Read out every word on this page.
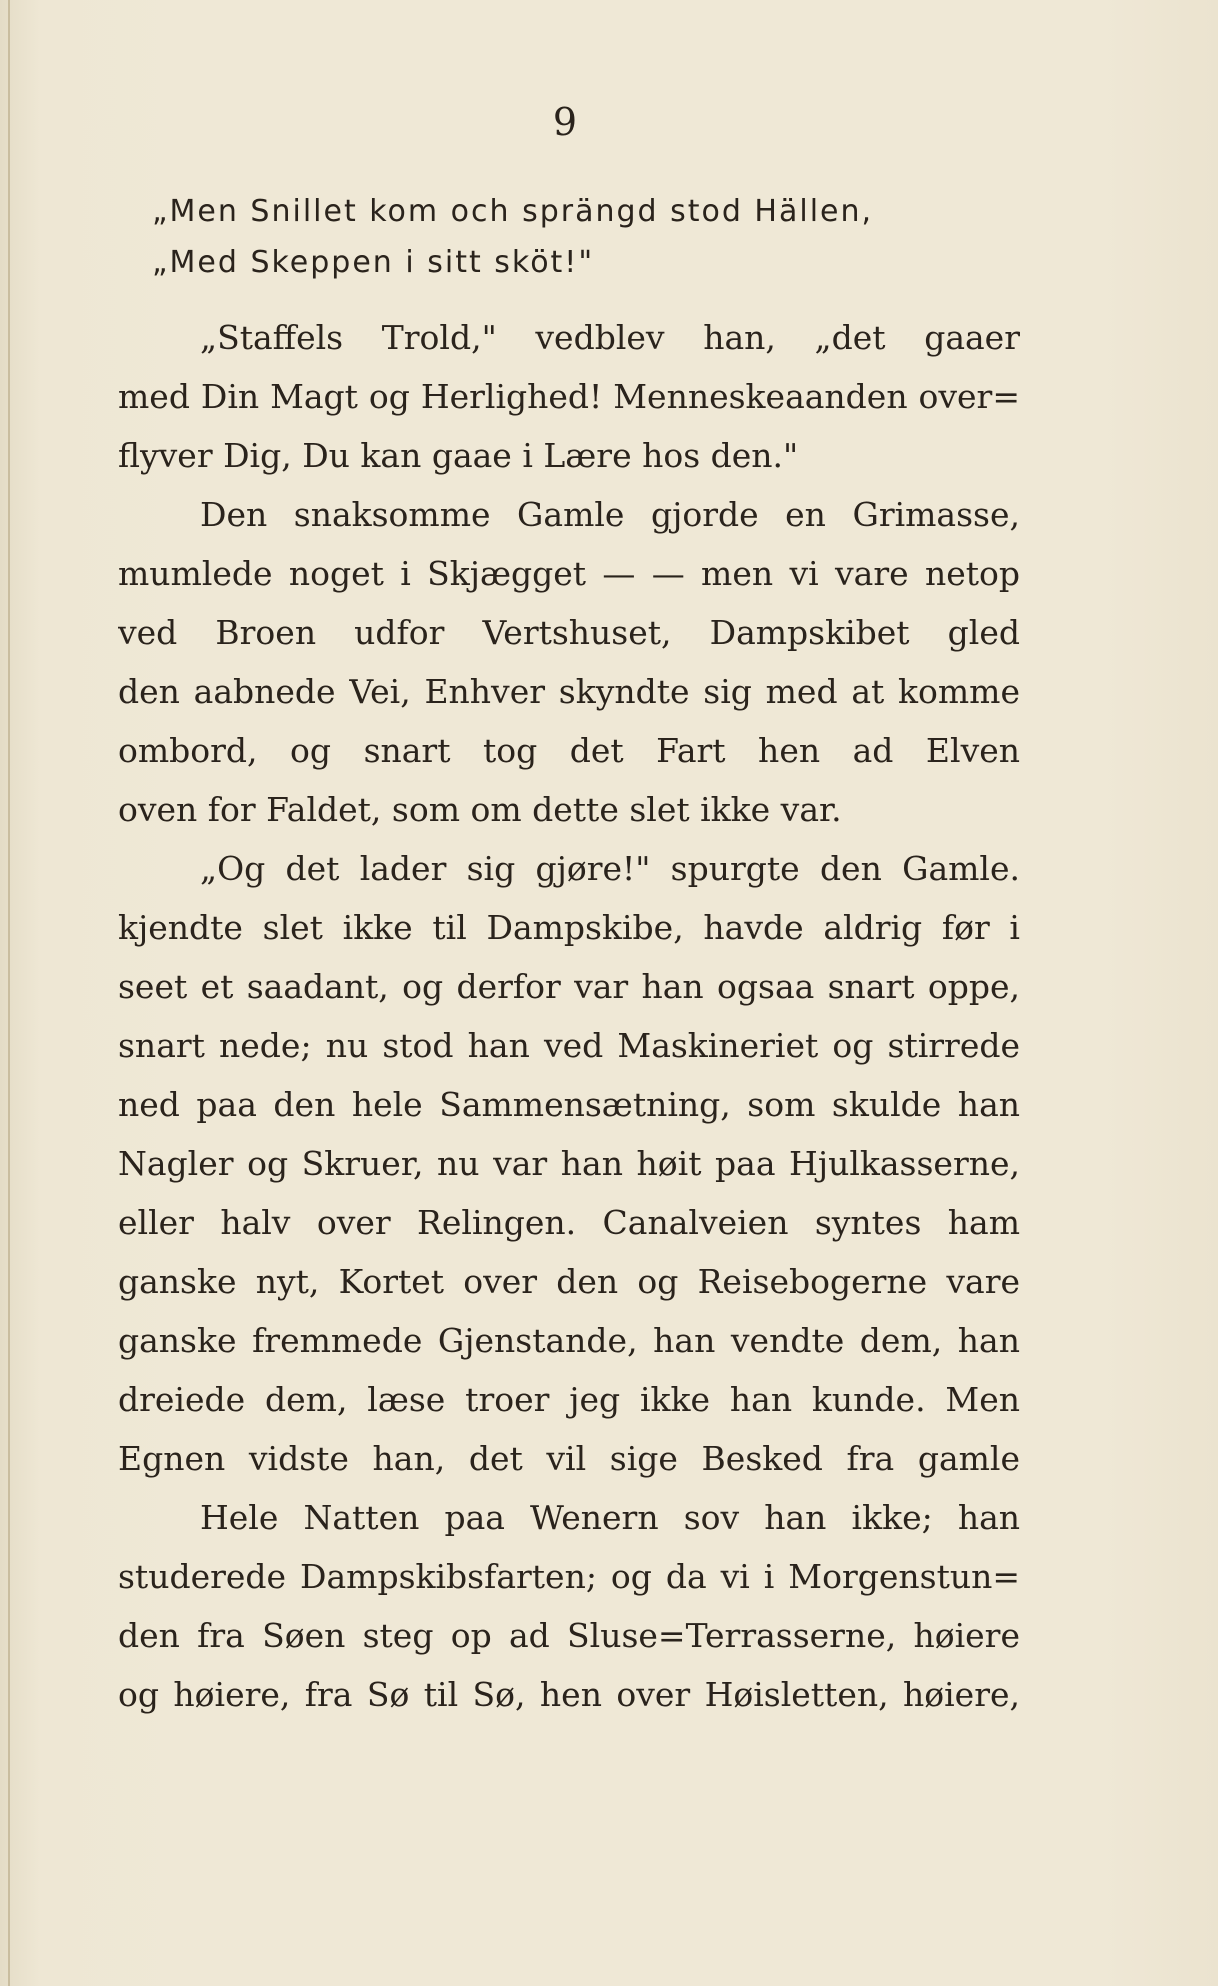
9
„Men Snillet kom och sprängd stod Hällen,
„Med Skeppen i sitt sköt!"
„Staffels Trold," vedblev han, „det gaaer
med Din Magt og Herlighed! Menneskeaanden over=
flyver Dig, Du kan gaae i Lære hos den."
Den snaksomme Gamle gjorde en Grimasse,
mumlede noget i Skjægget — — men vi vare netop
ved Broen udfor Vertshuset, Dampskibet gled
den aabnede Vei, Enhver skyndte sig med at komme
ombord, og snart tog det Fart hen ad Elven
oven for Faldet, som om dette slet ikke var.
„Og det lader sig gjøre!" spurgte den Gamle.
kjendte slet ikke til Dampskibe, havde aldrig før i
seet et saadant, og derfor var han ogsaa snart oppe,
snart nede; nu stod han ved Maskineriet og stirrede
ned paa den hele Sammensætning, som skulde han
Nagler og Skruer, nu var han høit paa Hjulkasserne,
eller halv over Relingen. Canalveien syntes ham
ganske nyt, Kortet over den og Reisebogerne vare
ganske fremmede Gjenstande, han vendte dem, han
dreiede dem, læse troer jeg ikke han kunde. Men
Egnen vidste han, det vil sige Besked fra gamle
Hele Natten paa Wenern sov han ikke; han
studerede Dampskibsfarten; og da vi i Morgenstun=
den fra Søen steg op ad Sluse=Terrasserne, høiere
og høiere, fra Sø til Sø, hen over Høisletten, høiere,
